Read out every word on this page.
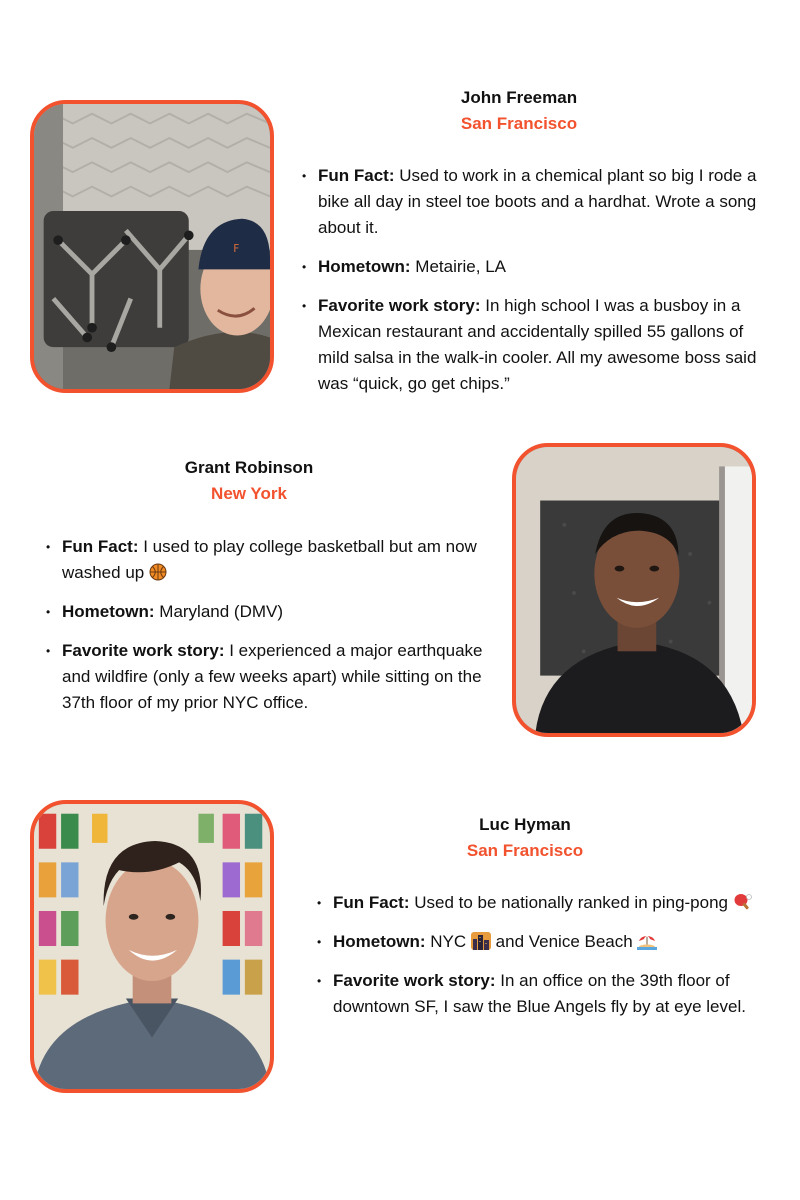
F

John Freeman

San Francisco

• Fun Fact: Used to work in a chemical plant so big I rode a bike all day in steel toe boots and a hardhat. Wrote a song about it.
• Hometown: Metairie, LA
• Favorite work story: In high school I was a busboy in a Mexican restaurant and accidentally spilled 55 gallons of mild salsa in the walk-in cooler. All my awesome boss said was “quick, go get chips.”

Grant Robinson

New York

• Fun Fact: I used to play college basketball but am now washed up
• Hometown: Maryland (DMV)
• Favorite work story: I experienced a major earthquake and wildfire (only a few weeks apart) while sitting on the 37th floor of my prior NYC office.

Luc Hyman

San Francisco

• Fun Fact: Used to be nationally ranked in ping-pong
• Hometown: NYC and Venice Beach
• Favorite work story: In an office on the 39th floor of downtown SF, I saw the Blue Angels fly by at eye level.
